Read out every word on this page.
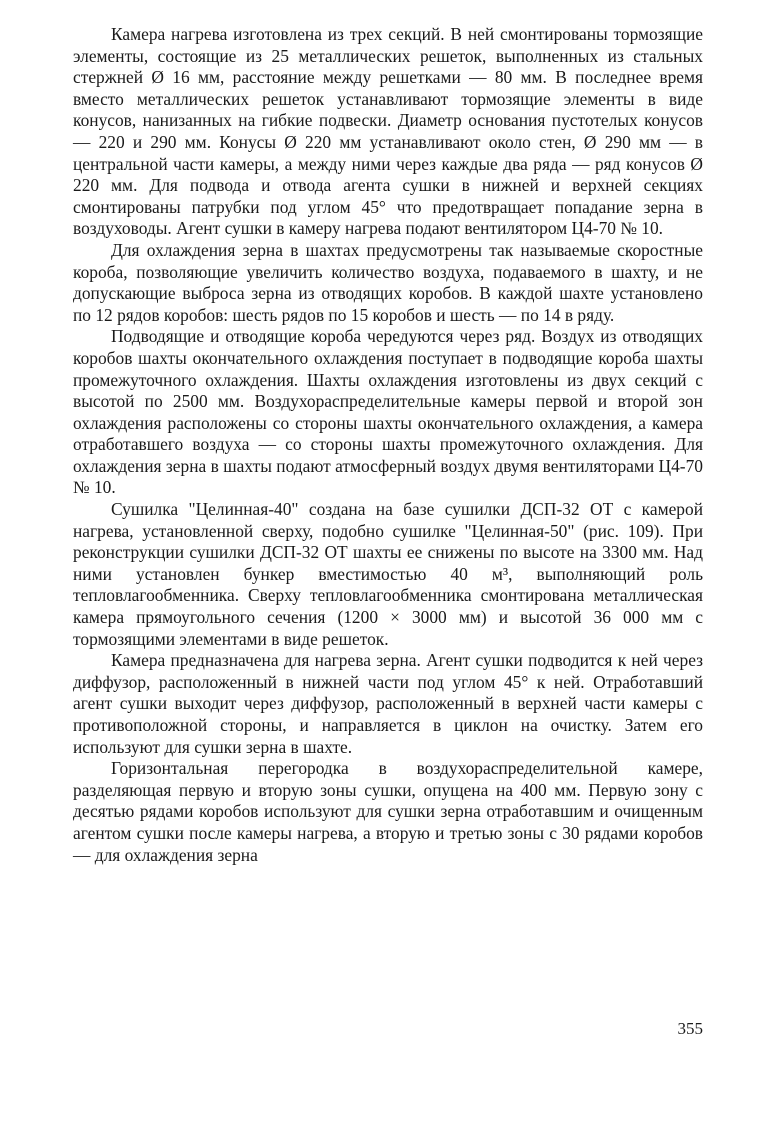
Камера нагрева изготовлена из трех секций. В ней смонтированы тормозящие элементы, состоящие из 25 металлических решеток, выполненных из стальных стержней Ø 16 мм, расстояние между решетками — 80 мм. В последнее время вместо металлических решеток устанавливают тормозящие элементы в виде конусов, нанизанных на гибкие подвески. Диаметр основания пустотелых конусов — 220 и 290 мм. Конусы Ø 220 мм устанавливают около стен, Ø 290 мм — в центральной части камеры, а между ними через каждые два ряда — ряд конусов Ø 220 мм. Для подвода и отвода агента сушки в нижней и верхней секциях смонтированы патрубки под углом 45° что предотвращает попадание зерна в воздуховоды. Агент сушки в камеру нагрева подают вентилятором Ц4-70 № 10.

Для охлаждения зерна в шахтах предусмотрены так называемые скоростные короба, позволяющие увеличить количество воздуха, подаваемого в шахту, и не допускающие выброса зерна из отводящих коробов. В каждой шахте установлено по 12 рядов коробов: шесть рядов по 15 коробов и шесть — по 14 в ряду.

Подводящие и отводящие короба чередуются через ряд. Воздух из отводящих коробов шахты окончательного охлаждения поступает в подводящие короба шахты промежуточного охлаждения. Шахты охлаждения изготовлены из двух секций с высотой по 2500 мм. Воздухораспределительные камеры первой и второй зон охлаждения расположены со стороны шахты окончательного охлаждения, а камера отработавшего воздуха — со стороны шахты промежуточного охлаждения. Для охлаждения зерна в шахты подают атмосферный воздух двумя вентиляторами Ц4-70 № 10.

Сушилка "Целинная-40" создана на базе сушилки ДСП-32 ОТ с камерой нагрева, установленной сверху, подобно сушилке "Целинная-50" (рис. 109). При реконструкции сушилки ДСП-32 ОТ шахты ее снижены по высоте на 3300 мм. Над ними установлен бункер вместимостью 40 м³, выполняющий роль тепловлагообменника. Сверху тепловлагообменника смонтирована металлическая камера прямоугольного сечения (1200 × 3000 мм) и высотой 36 000 мм с тормозящими элементами в виде решеток.

Камера предназначена для нагрева зерна. Агент сушки подводится к ней через диффузор, расположенный в нижней части под углом 45° к ней. Отработавший агент сушки выходит через диффузор, расположенный в верхней части камеры с противоположной стороны, и направляется в циклон на очистку. Затем его используют для сушки зерна в шахте.

Горизонтальная перегородка в воздухораспределительной камере, разделяющая первую и вторую зоны сушки, опущена на 400 мм. Первую зону с десятью рядами коробов используют для сушки зерна отработавшим и очищенным агентом сушки после камеры нагрева, а вторую и третью зоны с 30 рядами коробов — для охлаждения зерна

355
